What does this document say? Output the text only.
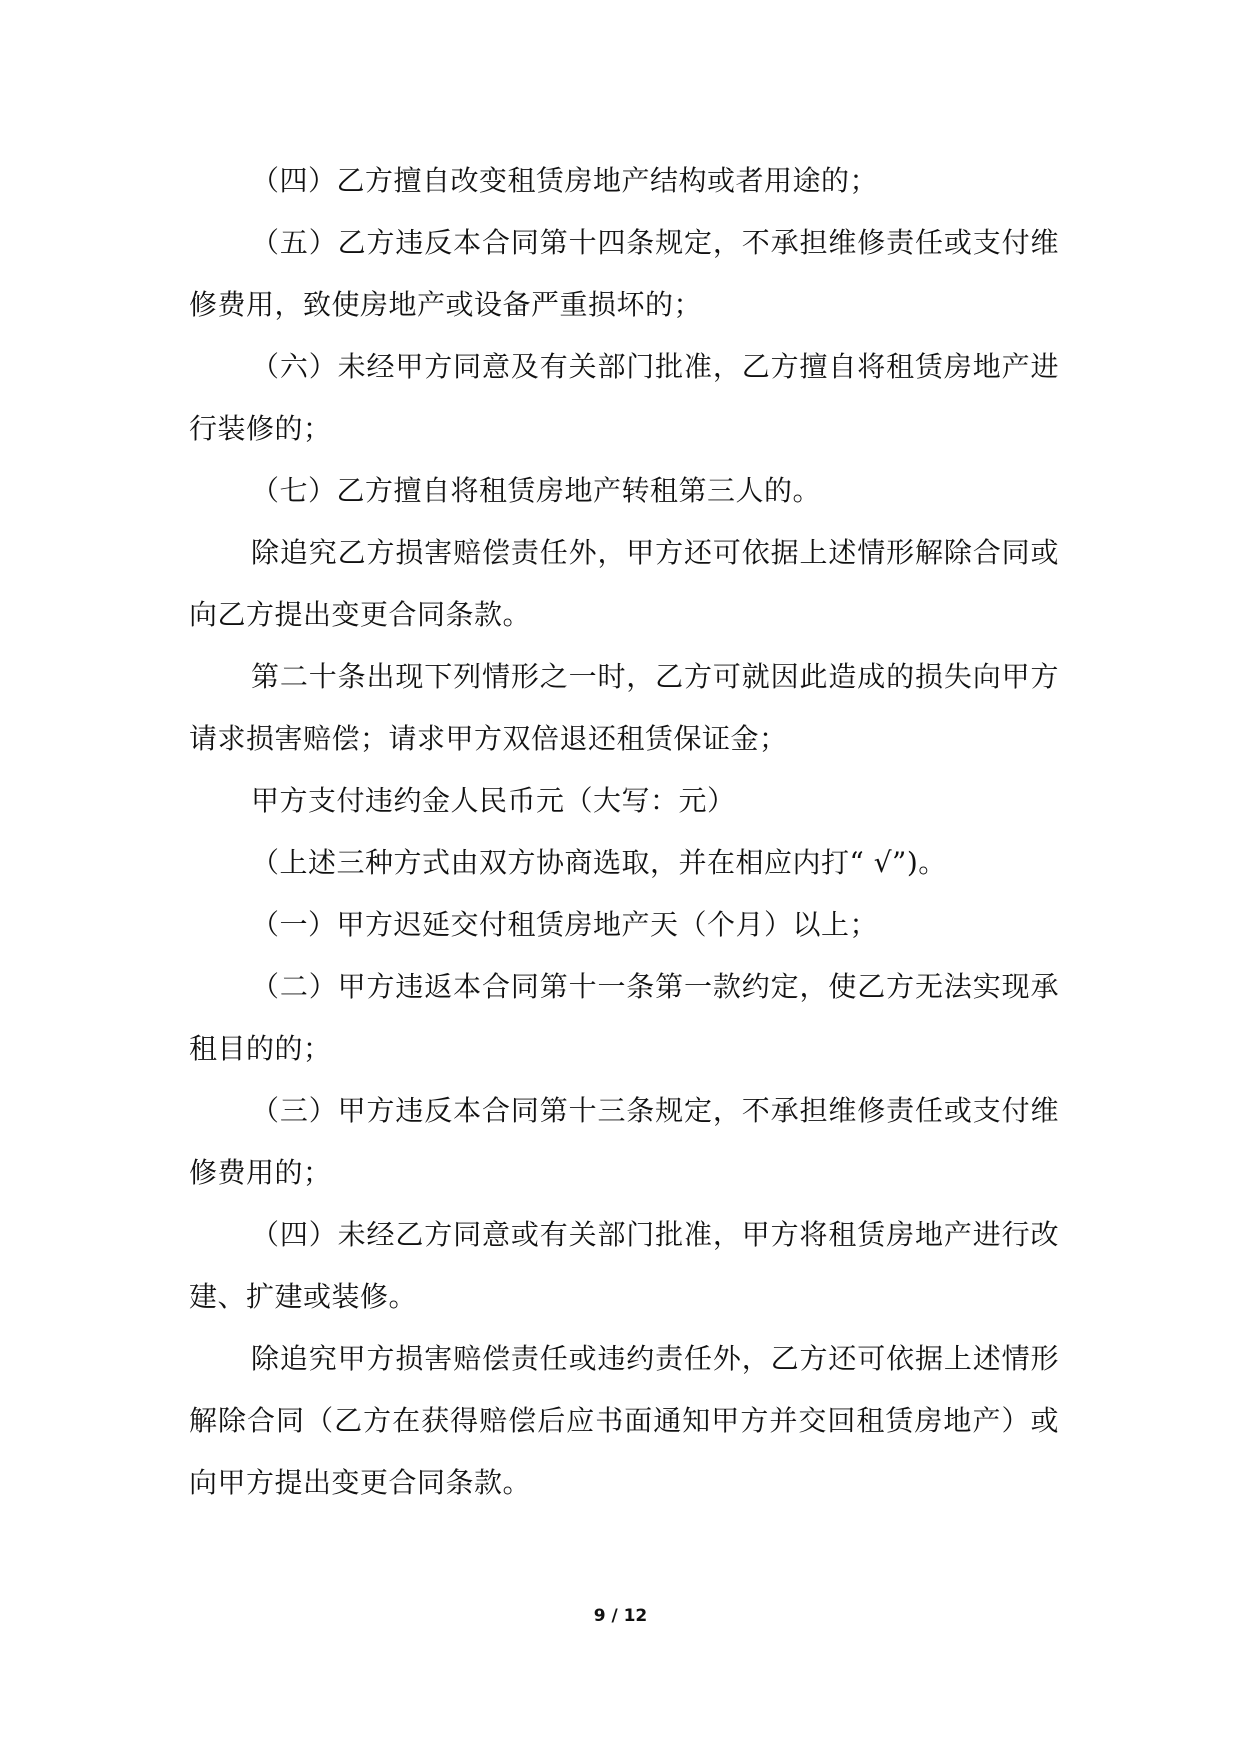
（四）乙方擅自改变租赁房地产结构或者用途的；

（五）乙方违反本合同第十四条规定，不承担维修责任或支付维修费用，致使房地产或设备严重损坏的；

（六）未经甲方同意及有关部门批准，乙方擅自将租赁房地产进行装修的；

（七）乙方擅自将租赁房地产转租第三人的。

除追究乙方损害赔偿责任外，甲方还可依据上述情形解除合同或向乙方提出变更合同条款。

第二十条出现下列情形之一时，乙方可就因此造成的损失向甲方请求损害赔偿；请求甲方双倍退还租赁保证金；

甲方支付违约金人民币元（大写：元）

（上述三种方式由双方协商选取，并在相应内打“ √”)。

（一）甲方迟延交付租赁房地产天（个月）以上；

（二）甲方违返本合同第十一条第一款约定，使乙方无法实现承租目的的；

（三）甲方违反本合同第十三条规定，不承担维修责任或支付维修费用的；

（四）未经乙方同意或有关部门批准，甲方将租赁房地产进行改建、扩建或装修。

除追究甲方损害赔偿责任或违约责任外，乙方还可依据上述情形解除合同（乙方在获得赔偿后应书面通知甲方并交回租赁房地产）或向甲方提出变更合同条款。

9 / 12
